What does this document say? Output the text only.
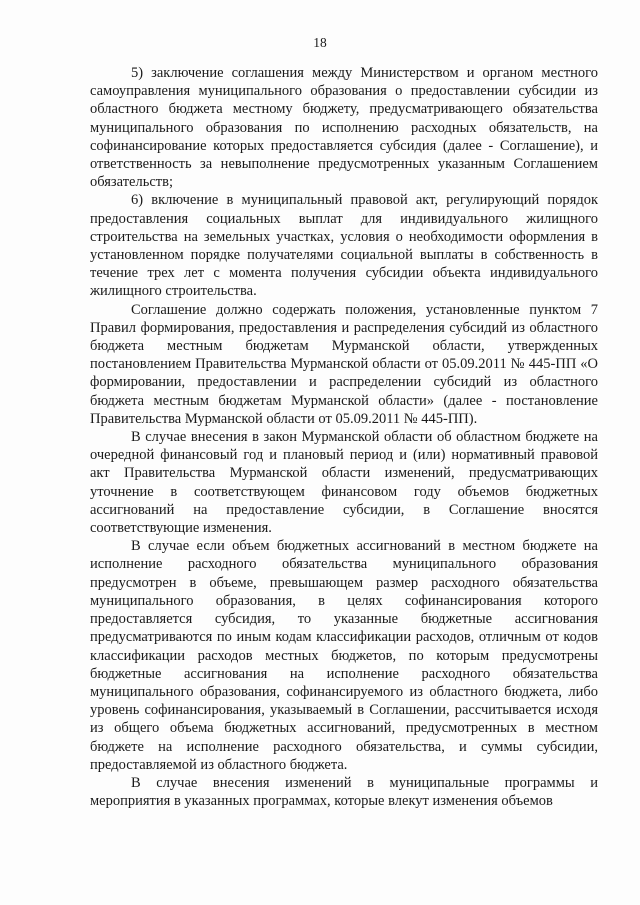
18

5) заключение соглашения между Министерством и органом местного самоуправления муниципального образования о предоставлении субсидии из областного бюджета местному бюджету, предусматривающего обязательства муниципального образования по исполнению расходных обязательств, на софинансирование которых предоставляется субсидия (далее - Соглашение), и ответственность за невыполнение предусмотренных указанным Соглашением обязательств;

6) включение в муниципальный правовой акт, регулирующий порядок предоставления социальных выплат для индивидуального жилищного строительства на земельных участках, условия о необходимости оформления в установленном порядке получателями социальной выплаты в собственность в течение трех лет с момента получения субсидии объекта индивидуального жилищного строительства.

Соглашение должно содержать положения, установленные пунктом 7 Правил формирования, предоставления и распределения субсидий из областного бюджета местным бюджетам Мурманской области, утвержденных постановлением Правительства Мурманской области от 05.09.2011 № 445-ПП «О формировании, предоставлении и распределении субсидий из областного бюджета местным бюджетам Мурманской области» (далее - постановление Правительства Мурманской области от 05.09.2011 № 445-ПП).

В случае внесения в закон Мурманской области об областном бюджете на очередной финансовый год и плановый период и (или) нормативный правовой акт Правительства Мурманской области изменений, предусматривающих уточнение в соответствующем финансовом году объемов бюджетных ассигнований на предоставление субсидии, в Соглашение вносятся соответствующие изменения.

В случае если объем бюджетных ассигнований в местном бюджете на исполнение расходного обязательства муниципального образования предусмотрен в объеме, превышающем размер расходного обязательства муниципального образования, в целях софинансирования которого предоставляется субсидия, то указанные бюджетные ассигнования предусматриваются по иным кодам классификации расходов, отличным от кодов классификации расходов местных бюджетов, по которым предусмотрены бюджетные ассигнования на исполнение расходного обязательства муниципального образования, софинансируемого из областного бюджета, либо уровень софинансирования, указываемый в Соглашении, рассчитывается исходя из общего объема бюджетных ассигнований, предусмотренных в местном бюджете на исполнение расходного обязательства, и суммы субсидии, предоставляемой из областного бюджета.

В случае внесения изменений в муниципальные программы и мероприятия в указанных программах, которые влекут изменения объемов
